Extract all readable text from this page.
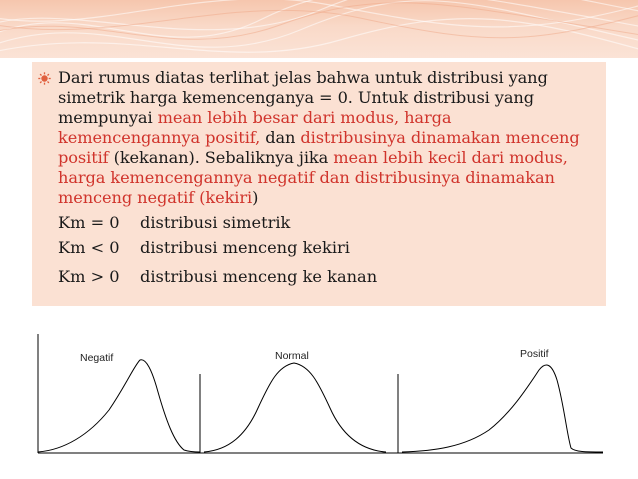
Dari rumus diatas terlihat jelas bahwa untuk distribusi yang simetrik harga kemencenganya = 0. Untuk distribusi yang mempunyai mean lebih besar dari modus, harga kemencengannya positif, dan distribusinya dinamakan menceng positif (kekanan). Sebaliknya jika mean lebih kecil dari modus, harga kemencengannya negatif dan distribusinya dinamakan menceng negatif (kekiri)

Km = 0 distribusi simetrik

Km < 0 distribusi menceng kekiri

Km > 0 distribusi menceng ke kanan

Negatif	Normal	Positif
